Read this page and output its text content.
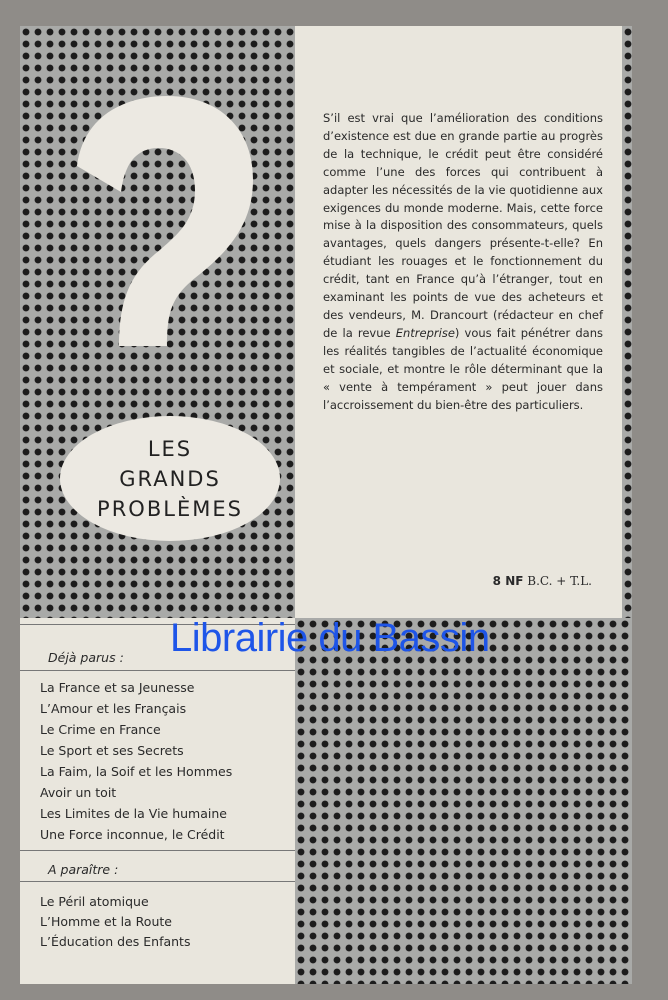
LES
GRANDS
PROBLÈMES

S’il est vrai que l’amélioration des conditions d’existence est due en grande partie au progrès de la technique, le crédit peut être considéré comme l’une des forces qui contribuent à adapter les nécessités de la vie quotidienne aux exigences du monde moderne. Mais, cette force mise à la disposition des consommateurs, quels avantages, quels dangers présente-t-elle? En étudiant les rouages et le fonctionnement du crédit, tant en France qu’à l’étranger, tout en examinant les points de vue des acheteurs et des vendeurs, M. Drancourt (rédacteur en chef de la revue Entreprise) vous fait pénétrer dans les réalités tangibles de l’actualité économique et sociale, et montre le rôle déterminant que la « vente à tempérament » peut jouer dans l’accroissement du bien-être des particuliers.

8 NF B.C. + T.L.
Déjà parus :
La France et sa Jeunesse
L’Amour et les Français
Le Crime en France
Le Sport et ses Secrets
La Faim, la Soif et les Hommes
Avoir un toit
Les Limites de la Vie humaine
Une Force inconnue, le Crédit
A paraître :
Le Péril atomique
L’Homme et la Route
L’Éducation des Enfants
Librairie du Bassin
